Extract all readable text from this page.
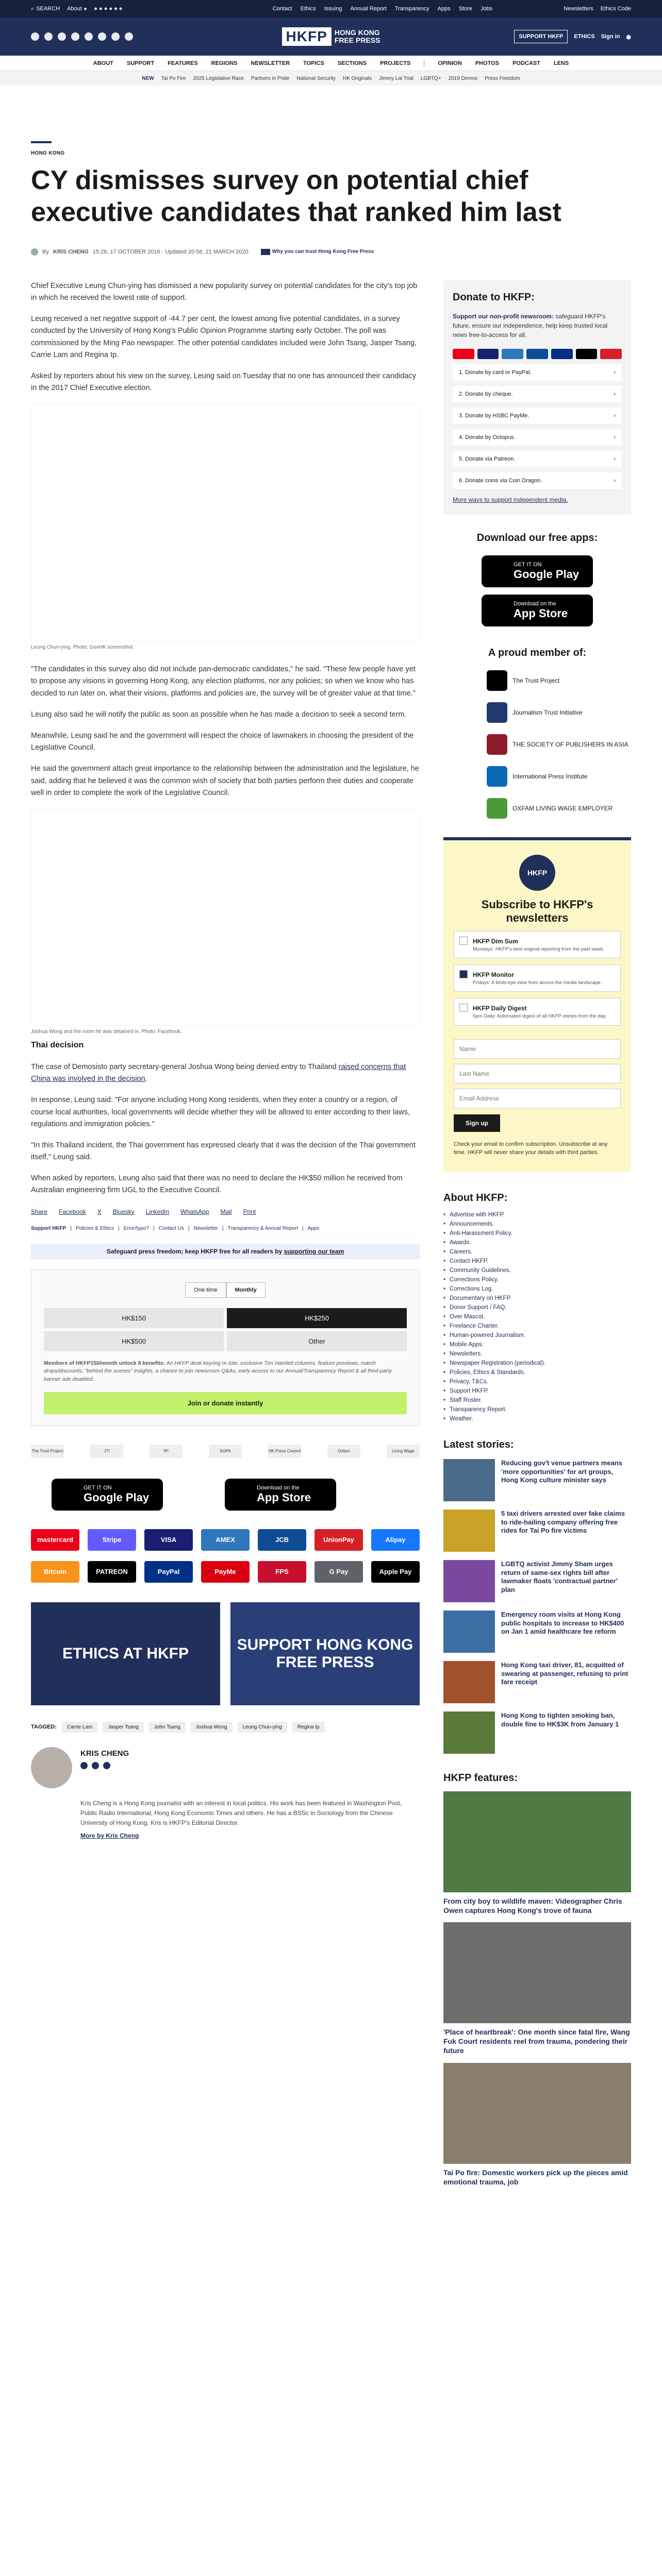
⌕ SEARCH About ▾ ● ● ● ● ● ●	Contact Ethics Issuing Annual Report Transparency Apps Store Jobs	Newsletters Ethics Code
HKFP	HONG KONG
FREE PRESS	SUPPORT HKFP	ETHICS Sign in ◉
ABOUT SUPPORT FEATURES REGIONS NEWSLETTER TOPICS SECTIONS PROJECTS	OPINION PHOTOS PODCAST LENS
NEW Tai Po Fire 2025 Legislative Race Partners in Pride National Security HK Originals Jimmy Lai Trial LGBTQ+ 2019 Demos Press Freedom
HONG KONG
CY dismisses survey on potential chief executive candidates that ranked him last
By KRIS CHENG 15:26, 17 OCTOBER 2016 · Updated 20:58, 21 MARCH 2020	Why you can trust Hong Kong Free Press

Chief Executive Leung Chun-ying has dismissed a new popularity survey on potential candidates for the city's top job in which he received the lowest rate of support.

Leung received a net negative support of -44.7 per cent, the lowest among five potential candidates, in a survey conducted by the University of Hong Kong's Public Opinion Programme starting early October. The poll was commissioned by the Ming Pao newspaper. The other potential candidates included were John Tsang, Jasper Tsang, Carrie Lam and Regina Ip.

Asked by reporters about his view on the survey, Leung said on Tuesday that no one has announced their candidacy in the 2017 Chief Executive election.

Leung Chun-ying. Photo: GovHK screenshot.

"The candidates in this survey also did not include pan-democratic candidates," he said. "These few people have yet to propose any visions in governing Hong Kong, any election platforms, nor any policies; so when we know who has decided to run later on, what their visions, platforms and policies are, the survey will be of greater value at that time."

Leung also said he will notify the public as soon as possible when he has made a decision to seek a second term.

Meanwhile, Leung said he and the government will respect the choice of lawmakers in choosing the president of the Legislative Council.

He said the government attach great importance to the relationship between the administration and the legislature, he said, adding that he believed it was the common wish of society that both parties perform their duties and cooperate well in order to complete the work of the Legislative Council.

Joshua Wong and the room he was detained in. Photo: Facebook.
Thai decision

The case of Demosisto party secretary-general Joshua Wong being denied entry to Thailand raised concerns that China was involved in the decision.

In response, Leung said: "For anyone including Hong Kong residents, when they enter a country or a region, of course local authorities, local governments will decide whether they will be allowed to enter according to their laws, regulations and immigration policies."

"In this Thailand incident, the Thai government has expressed clearly that it was the decision of the Thai government itself," Leung said.

When asked by reporters, Leung also said that there was no need to declare the HK$50 million he received from Australian engineering firm UGL to the Executive Council.

Share Facebook X Bluesky LinkedIn WhatsApp Mail Print
Support HKFP | Policies & Ethics | Error/typo? | Contact Us | Newsletter | Transparency & Annual Report | Apps
Safeguard press freedom; keep HKFP free for all readers by supporting our team
One-time	Monthly
HK$150	HK$250
HK$500	Other
Members of HKFP150/month unlock 8 benefits: An HKFP desk keyring or tote, exclusive Tim Hamlett columns, feature previews, march drops/discounts, "behind the scenes" insights, a chance to join newsroom Q&As, early access to our Annual/Transparency Report & all third-party banner ads disabled.
Join or donate instantly
The Trust Project	JTI	IPI	SOPA	HK Press Council	Oxfam	Living Wage
GET IT ON
Google Play
Download on the
App Store
mastercard	Stripe	VISA	AMEX	JCB	UnionPay	Alipay
Bitcoin	PATREON	PayPal	PayMe	FPS	G Pay	Apple Pay
ETHICS AT HKFP
SUPPORT HONG KONG FREE PRESS
TAGGED:	Carrie Lam	Jasper Tsang	John Tsang	Joshua Wong	Leung Chun-ying	Regina Ip
KRIS CHENG

Kris Cheng is a Hong Kong journalist with an interest in local politics. His work has been featured in Washington Post, Public Radio International, Hong Kong Economic Times and others. He has a BSSc in Sociology from the Chinese University of Hong Kong. Kris is HKFP's Editorial Director.

More by Kris Cheng
Donate to HKFP:

Support our non-profit newsroom: safeguard HKFP's future, ensure our independence, help keep trusted local news free-to-access for all.

1. Donate by card or PayPal.	›
2. Donate by cheque.	›
3. Donate by HSBC PayMe.	›
4. Donate by Octopus.	›
5. Donate via Patreon.	›
6. Donate coins via Coin Dragon.	›
More ways to support independent media.
Download our free apps:
GET IT ON
Google Play
Download on the
App Store
A proud member of:
The Trust Project
Journalism Trust Initiative
THE SOCIETY OF PUBLISHERS IN ASIA
International Press Institute
OXFAM LIVING WAGE EMPLOYER
HKFP
Subscribe to HKFP's newsletters
HKFP Dim Sum

Mondays: HKFP's best original reporting from the past week.

HKFP Monitor

Fridays: A birds-eye view from across the media landscape.

HKFP Daily Digest

5pm Daily: Automated digest of all HKFP stories from the day.

Name
Last Name
Email Address
Sign up

Check your email to confirm subscription. Unsubscribe at any time. HKFP will never share your details with third parties.

About HKFP:
• Advertise with HKFP.
• Announcements.
• Anti-Harassment Policy.
• Awards.
• Careers.
• Contact HKFP.
• Community Guidelines.
• Corrections Policy.
• Corrections Log.
• Documentary on HKFP.
• Donor Support / FAQ.
• Over Mascot.
• Freelance Charter.
• Human-powered Journalism.
• Mobile Apps.
• Newsletters.
• Newspaper Registration (periodical).
• Policies, Ethics & Standards.
• Privacy, T&Cs.
• Support HKFP.
• Staff Roster.
• Transparency Report.
• Weather.
Latest stories:

Reducing gov't venue partners means 'more opportunities' for art groups, Hong Kong culture minister says

5 taxi drivers arrested over fake claims to ride-hailing company offering free rides for Tai Po fire victims

LGBTQ activist Jimmy Sham urges return of same-sex rights bill after lawmaker floats 'contractual partner' plan

Emergency room visits at Hong Kong public hospitals to increase to HK$400 on Jan 1 amid healthcare fee reform

Hong Kong taxi driver, 81, acquitted of swearing at passenger, refusing to print fare receipt

Hong Kong to tighten smoking ban, double fine to HK$3K from January 1

HKFP features:

From city boy to wildlife maven: Videographer Chris Owen captures Hong Kong's trove of fauna

'Place of heartbreak': One month since fatal fire, Wang Fuk Court residents reel from trauma, pondering their future

Tai Po fire: Domestic workers pick up the pieces amid emotional trauma, job
